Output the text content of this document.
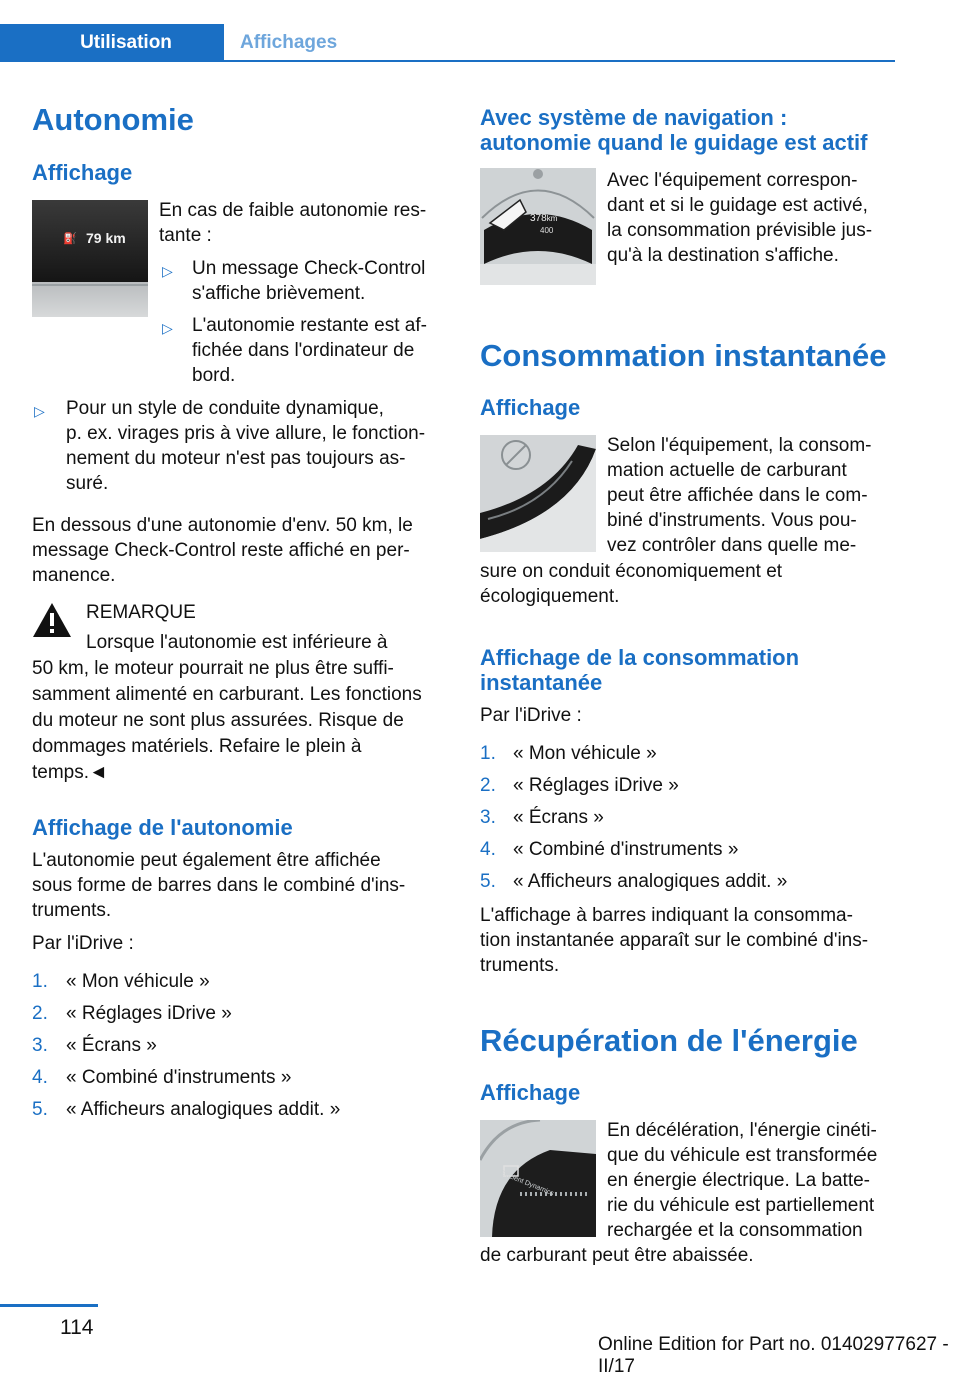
Utilisation	Affichages
Autonomie
Affichage
⛽ 79 km
En cas de faible autonomie res-
tante :
▷ Un message Check-Control
s'affiche brièvement.
▷ L'autonomie restante est af-
fichée dans l'ordinateur de
bord.
▷ Pour un style de conduite dynamique,
p. ex. virages pris à vive allure, le fonction-
nement du moteur n'est pas toujours as-
suré.
En dessous d'une autonomie d'env. 50 km, le
message Check-Control reste affiché en per-
manence.
REMARQUE
Lorsque l'autonomie est inférieure à
50 km, le moteur pourrait ne plus être suffi-
samment alimenté en carburant. Les fonctions
du moteur ne sont plus assurées. Risque de
dommages matériels. Refaire le plein à
temps.◄
Affichage de l'autonomie
L'autonomie peut également être affichée
sous forme de barres dans le combiné d'ins-
truments.
Par l'iDrive :
1. « Mon véhicule »
2. « Réglages iDrive »
3. « Écrans »
4. « Combiné d'instruments »
5. « Afficheurs analogiques addit. »
Avec système de navigation :
autonomie quand le guidage est actif
378km
400
Avec l'équipement correspon-
dant et si le guidage est activé,
la consommation prévisible jus-
qu'à la destination s'affiche.
Consommation instantanée
Affichage
Selon l'équipement, la consom-
mation actuelle de carburant
peut être affichée dans le com-
biné d'instruments. Vous pou-
vez contrôler dans quelle me-
sure on conduit économiquement et
écologiquement.
Affichage de la consommation
instantanée
Par l'iDrive :
1. « Mon véhicule »
2. « Réglages iDrive »
3. « Écrans »
4. « Combiné d'instruments »
5. « Afficheurs analogiques addit. »
L'affichage à barres indiquant la consomma-
tion instantanée apparaît sur le combiné d'ins-
truments.
Récupération de l'énergie
Affichage
Efficient Dynamics
En décélération, l'énergie cinéti-
que du véhicule est transformée
en énergie électrique. La batte-
rie du véhicule est partiellement
rechargée et la consommation
de carburant peut être abaissée.
114
Online Edition for Part no. 01402977627 - II/17
